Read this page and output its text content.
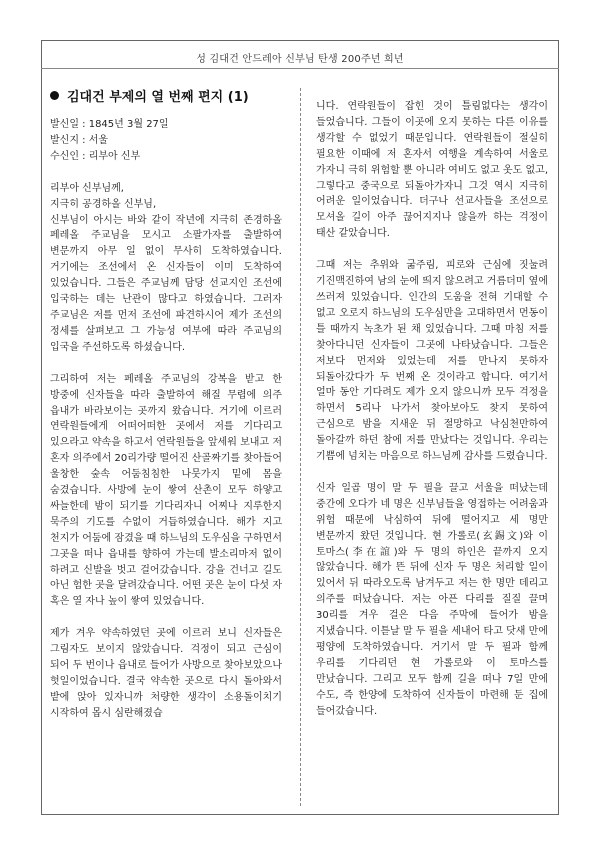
성 김대건 안드레아 신부님 탄생 200주년 희년
김대건 부제의 열 번째 편지 (1)

발신일 : 1845년 3월 27일

발신지 : 서울

수신인 : 리부아 신부

리부아 신부님께,

지극히 공경하올 신부님,

신부님이 아시는 바와 같이 작년에 지극히 존경하올 페레올 주교님을 모시고 소팔가자를 출발하여 변문까지 아무 일 없이 무사히 도착하였습니다. 거기에는 조선에서 온 신자들이 이미 도착하여 있었습니다. 그들은 주교님께 담당 선교지인 조선에 입국하는 데는 난관이 많다고 하였습니다. 그러자 주교님은 저를 먼저 조선에 파견하시어 제가 조선의 정세를 살펴보고 그 가능성 여부에 따라 주교님의 입국을 주선하도록 하셨습니다.

그리하여 저는 페레올 주교님의 강복을 받고 한 방중에 신자들을 따라 출발하여 해질 무렵에 의주 읍내가 바라보이는 곳까지 왔습니다. 거기에 이르러 연락원들에게 어떠어떠한 곳에서 저를 기다리고 있으라고 약속을 하고서 연락원들을 앞세워 보내고 저 혼자 의주에서 20리가량 떨어진 산골짜기를 찾아들어 울창한 숲속 어둠침침한 나뭇가지 밑에 몸을 숨겼습니다. 사방에 눈이 쌓여 산촌이 모두 하얗고 싸늘한데 밤이 되기를 기다리자니 어찌나 지루한지 묵주의 기도를 수없이 거듭하였습니다. 해가 지고 천지가 어둠에 잠겼을 때 하느님의 도우심을 구하면서 그곳을 떠나 읍내를 향하여 가는데 발소리마저 없이 하려고 신발을 벗고 걸어갔습니다. 강을 건너고 길도 아닌 험한 곳을 달려갔습니다. 어떤 곳은 눈이 다섯 자 혹은 열 자나 높이 쌓여 있었습니다.

제가 겨우 약속하였던 곳에 이르러 보니 신자들은 그림자도 보이지 않았습니다. 걱정이 되고 근심이 되어 두 번이나 읍내로 들어가 사방으로 찾아보았으나 헛일이었습니다. 결국 약속한 곳으로 다시 돌아와서 밭에 앉아 있자니까 처량한 생각이 소용돌이치기 시작하여 몹시 심란해졌습

니다. 연락원들이 잡힌 것이 틀림없다는 생각이 들었습니다. 그들이 이곳에 오지 못하는 다른 이유를 생각할 수 없었기 때문입니다. 연락원들이 절실히 필요한 이때에 저 혼자서 여행을 계속하여 서울로 가자니 극히 위험할 뿐 아니라 여비도 없고 옷도 없고, 그렇다고 중국으로 되돌아가자니 그것 역시 지극히 어려운 일이었습니다. 더구나 선교사들을 조선으로 모셔올 길이 아주 끊어지지나 않을까 하는 걱정이 태산 같았습니다.

그때 저는 추위와 굶주림, 피로와 근심에 짓눌려 기진맥진하여 남의 눈에 띄지 않으려고 거름더미 옆에 쓰러져 있었습니다. 인간의 도움을 전혀 기대할 수 없고 오로지 하느님의 도우심만을 고대하면서 먼동이 틀 때까지 녹초가 된 채 있었습니다. 그때 마침 저를 찾아다니던 신자들이 그곳에 나타났습니다. 그들은 저보다 먼저와 있었는데 저를 만나지 못하자 되돌아갔다가 두 번째 온 것이라고 합니다. 여기서 얼마 동안 기다려도 제가 오지 않으니까 모두 걱정을 하면서 5리나 나가서 찾아보아도 찾지 못하여 근심으로 밤을 지새운 뒤 절망하고 낙심천만하여 돌아갈까 하던 참에 저를 만났다는 것입니다. 우리는 기쁨에 넘치는 마음으로 하느님께 감사를 드렸습니다.

신자 일곱 명이 말 두 필을 끌고 서울을 떠났는데 중간에 오다가 네 명은 신부님들을 영접하는 어려움과 위험 때문에 낙심하여 뒤에 떨어지고 세 명만 변문까지 왔던 것입니다. 현 가롤로(玄錫文)와 이 토마스(李在誼)와 두 명의 하인은 끝까지 오지 않았습니다. 해가 뜬 뒤에 신자 두 명은 처리할 일이 있어서 뒤 따라오도록 남겨두고 저는 한 명만 데리고 의주를 떠났습니다. 저는 아픈 다리를 질질 끌며 30리를 겨우 걸은 다음 주막에 들어가 밤을 지냈습니다. 이튿날 말 두 필을 세내어 타고 닷새 만에 평양에 도착하였습니다. 거기서 말 두 필과 함께 우리를 기다리던 현 가롤로와 이 토마스를 만났습니다. 그리고 모두 함께 길을 떠나 7일 만에 수도, 즉 한양에 도착하여 신자들이 마련해 둔 집에 들어갔습니다.
